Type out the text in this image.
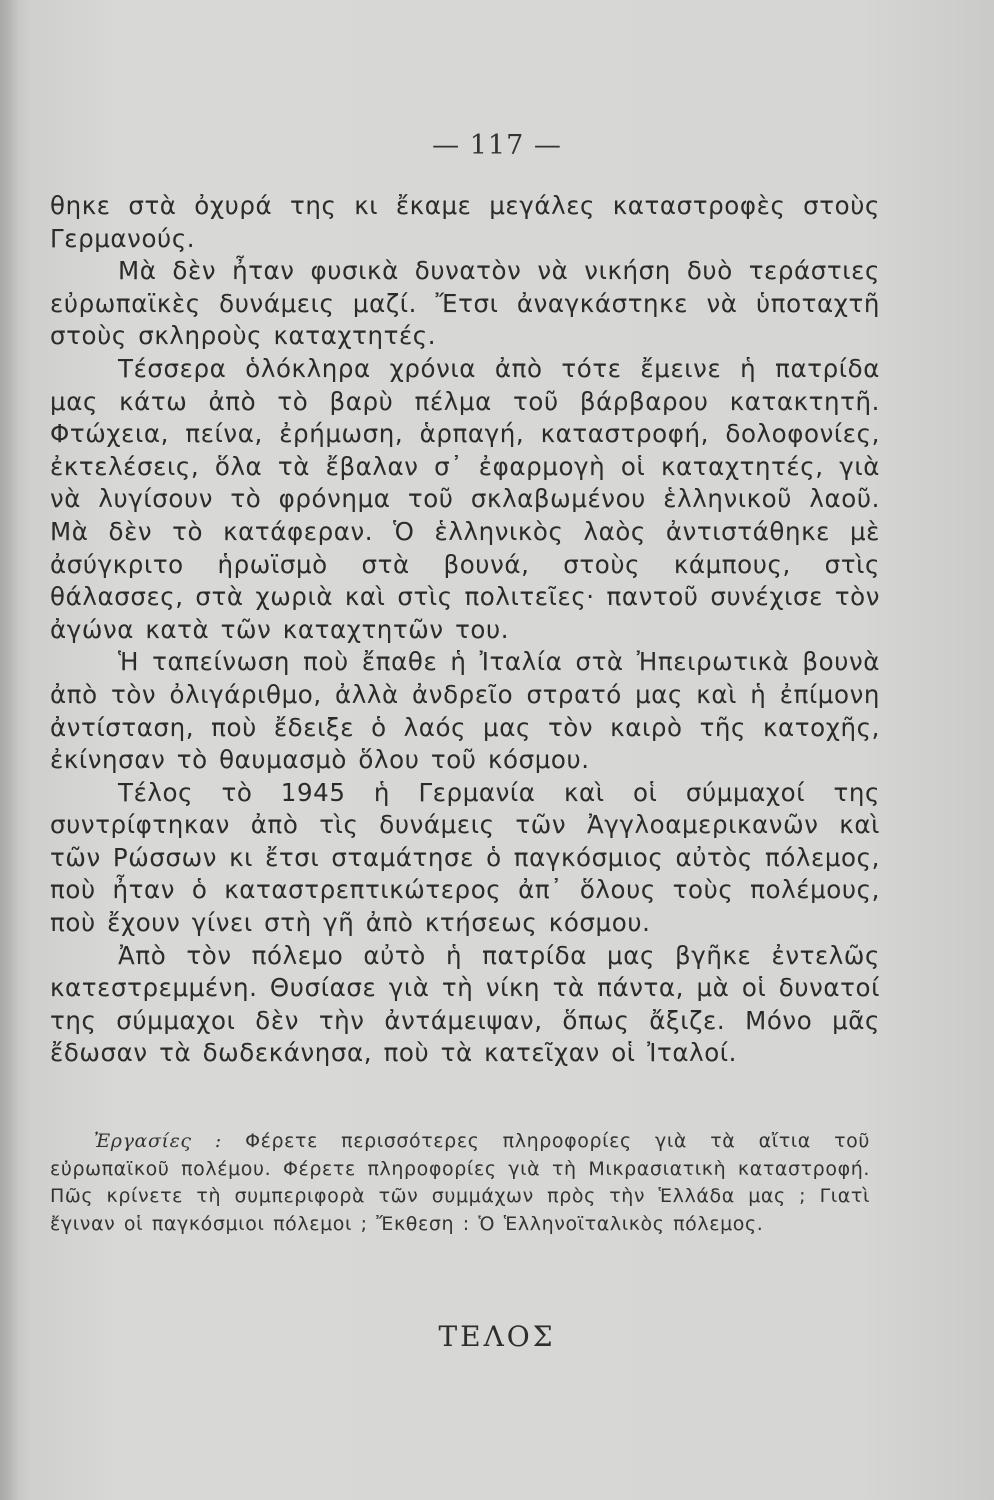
— 117 —

θηκε στὰ ὀχυρά της κι ἔκαμε μεγάλες καταστροφὲς στοὺς Γερμανούς.

Μὰ δὲν ἦταν φυσικὰ δυνατὸν νὰ νικήση δυὸ τεράστιες εὐρωπαϊκὲς δυνάμεις μαζί. Ἔτσι ἀναγκάστηκε νὰ ὑποταχτῆ στοὺς σκληροὺς καταχτητές.

Τέσσερα ὁλόκληρα χρόνια ἀπὸ τότε ἔμεινε ἡ πατρίδα μας κάτω ἀπὸ τὸ βαρὺ πέλμα τοῦ βάρβαρου κατακτητῆ. Φτώχεια, πείνα, ἐρήμωση, ἁρπαγή, καταστροφή, δολοφονίες, ἐκτελέσεις, ὅλα τὰ ἔβαλαν σ᾽ ἐφαρμογὴ οἱ καταχτητές, γιὰ νὰ λυγίσουν τὸ φρόνημα τοῦ σκλαβωμένου ἑλληνικοῦ λαοῦ. Μὰ δὲν τὸ κατάφεραν. Ὁ ἑλληνικὸς λαὸς ἀντιστάθηκε μὲ ἀσύγκριτο ἡρωϊσμὸ στὰ βουνά, στοὺς κάμπους, στὶς θάλασσες, στὰ χωριὰ καὶ στὶς πολιτεῖες· παντοῦ συνέχισε τὸν ἀγώνα κατὰ τῶν καταχτητῶν του.

Ἡ ταπείνωση ποὺ ἔπαθε ἡ Ἰταλία στὰ Ἠπειρωτικὰ βουνὰ ἀπὸ τὸν ὀλιγάριθμο, ἀλλὰ ἀνδρεῖο στρατό μας καὶ ἡ ἐπίμονη ἀντίσταση, ποὺ ἔδειξε ὁ λαός μας τὸν καιρὸ τῆς κατοχῆς, ἐκίνησαν τὸ θαυμασμὸ ὅλου τοῦ κόσμου.

Τέλος τὸ 1945 ἡ Γερμανία καὶ οἱ σύμμαχοί της συντρίφτηκαν ἀπὸ τὶς δυνάμεις τῶν Ἀγγλοαμερικανῶν καὶ τῶν Ρώσσων κι ἔτσι σταμάτησε ὁ παγκόσμιος αὐτὸς πόλεμος, ποὺ ἦταν ὁ καταστρεπτικώτερος ἀπ᾽ ὅλους τοὺς πολέμους, ποὺ ἔχουν γίνει στὴ γῆ ἀπὸ κτήσεως κόσμου.

Ἀπὸ τὸν πόλεμο αὐτὸ ἡ πατρίδα μας βγῆκε ἐντελῶς κατεστρεμμένη. Θυσίασε γιὰ τὴ νίκη τὰ πάντα, μὰ οἱ δυνατοί της σύμμαχοι δὲν τὴν ἀντάμειψαν, ὅπως ἄξιζε. Μόνο μᾶς ἔδωσαν τὰ δωδεκάνησα, ποὺ τὰ κατεῖχαν οἱ Ἰταλοί.

Ἐργασίες : Φέρετε περισσότερες πληροφορίες γιὰ τὰ αἴτια τοῦ εὐρωπαϊκοῦ πολέμου. Φέρετε πληροφορίες γιὰ τὴ Μικρασιατικὴ καταστροφή. Πῶς κρίνετε τὴ συμπεριφορὰ τῶν συμμάχων πρὸς τὴν Ἑλλάδα μας ; Γιατὶ ἔγιναν οἱ παγκόσμιοι πόλεμοι ; Ἔκθεση : Ὁ Ἑλληνοϊταλικὸς πόλεμος.
ΤΕΛΟΣ
